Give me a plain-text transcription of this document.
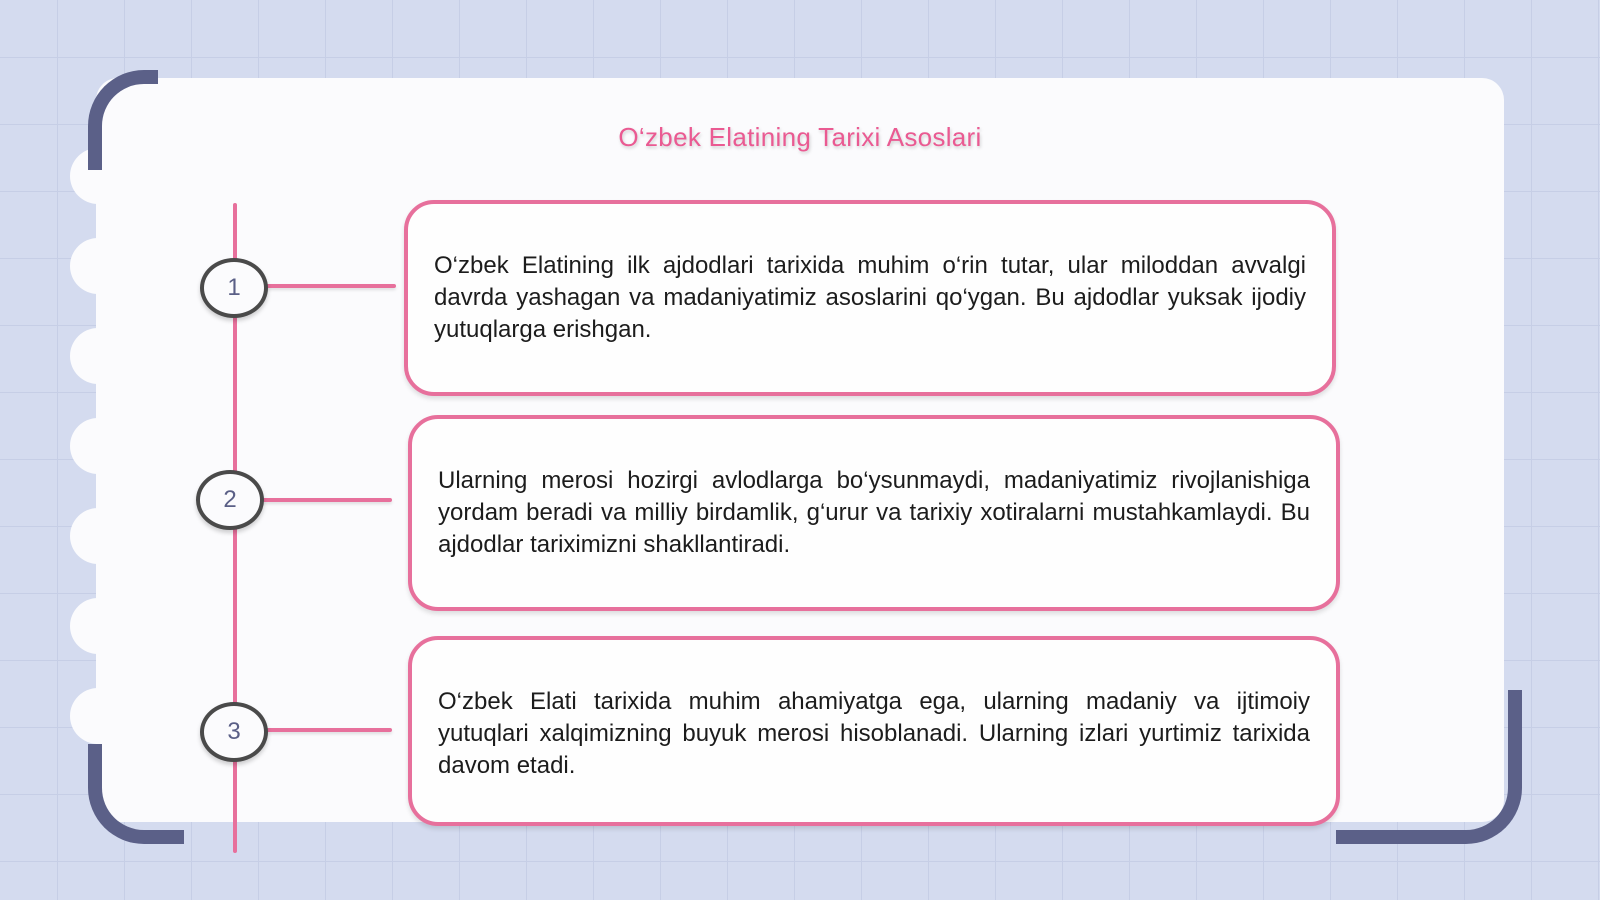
O‘zbek Elatining Tarixi Asoslari
1
2
3

O‘zbek Elatining ilk ajdodlari tarixida muhim o‘rin tutar, ular miloddan avvalgi davrda yashagan va madaniyatimiz asoslarini qo‘ygan. Bu ajdodlar yuksak ijodiy yutuqlarga erishgan.

Ularning merosi hozirgi avlodlarga bo‘ysunmaydi, madaniyatimiz rivojlanishiga yordam beradi va milliy birdamlik, g‘urur va tarixiy xotiralarni mustahkamlaydi. Bu ajdodlar tariximizni shakllantiradi.

O‘zbek Elati tarixida muhim ahamiyatga ega, ularning madaniy va ijtimoiy yutuqlari xalqimizning buyuk merosi hisoblanadi. Ularning izlari yurtimiz tarixida davom etadi.
